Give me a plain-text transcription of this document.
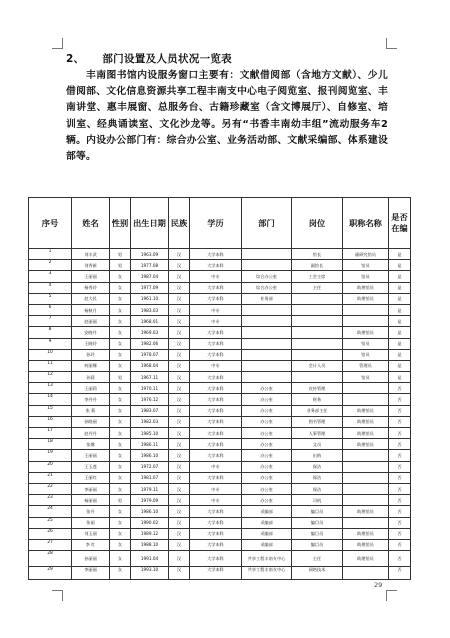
2、 部门设置及人员状况一览表
丰南图书馆内设服务窗口主要有：文献借阅部（含地方文献）、少儿借阅部、文化信息资源共享工程丰南支中心电子阅览室、报刊阅览室、丰南讲堂、惠丰展窗、总服务台、古籍珍藏室（含文博展厅）、自修室、培训室、经典诵读室、文化沙龙等。另有“书香丰南幼丰组”流动服务车2辆。内设办公部门有：综合办公室、业务活动部、文献采编部、体系建设部等。
序号	姓名	性别	出生日期	民族	学历	部门	岗位	职称名称	是否在编
1	刘丰武	男	1963.09	汉	大学本科		馆长	副研究馆员	是
2	刘秀新	男	1977.08	汉	大学本科		副馆长	馆员	是
3	王丽丽	女	1987.04	汉	中专	综合办公室	工会主席	馆员	是
4	杨秀玲	女	1977.09	汉	大学本科	综合办公室	主任	助理馆员	是
5	赵大民	女	1961.10	汉	大学本科	业务部		助理馆员	是
6	杨秋月	女	1983.03	汉	中专				是
7	赵丽丽	女	1968.01	汉	中专				是
8	安晓丹	女	1969.03	汉	大学本科			助理馆员	是
9	王晓玲	女	1982.06	汉	大学本科			馆员	是
10	孙玲	女	1978.07	汉	大学本科			馆员	是
11	何丽娜	女	1968.04	汉	中专		会计人员	管理员	是
12	孙莉	男	1967.11	汉	大学本科			馆员	是
13	王丽莉	女	1970.11	汉	大学本科	办公室	宣传管理		否
14	李丹丹	女	1976.12	汉	大学本科	办公室	财务		否
15	张 莉	女	1983.07	汉	大学本科	办公室	业务部主任	助理馆员	否
16	孙晓丽	女	1982.03	汉	大学本科	办公室	图书管理	助理馆员	否
17	赵丹丹	女	1985.10	汉	大学本科	办公室	人事管理	助理馆员	否
18	张娜	女	1986.11	汉	大学本科	办公室	文员	助理馆员	否
19	王丽丽	女	1986.10	汉	大学本科	办公室	出纳		否
20	王玉莲	女	1972.07	汉	中专	办公室	保洁		否
21	王丽红	女	1981.07	汉	大学本科	办公室	保洁		否
22	李丽丽	女	1979.11	汉	中专	办公室	保洁		否
23	杨丽丽	男	1979.09	汉	中专	办公室	司机		否
24	张丹	女	1986.10	汉	大学本科	采编部	编目员	助理馆员	否
25	张丽	女	1990.02	汉	大学本科	采编部	编目员		否
26	刘玉丽	女	1989.12	汉	大学本科	采编部	编目员	助理馆员	否
27	李 红	女	1988.10	汉	大学本科	采编部	编目员	助理馆员	否
28	孙丽丽	女	1991.04	汉	大学本科	共享工程丰南支中心	主任	助理馆员	否
29	李丽丽	女	1993.10	汉	大学本科	共享工程丰南支中心	网络技术		否
29
